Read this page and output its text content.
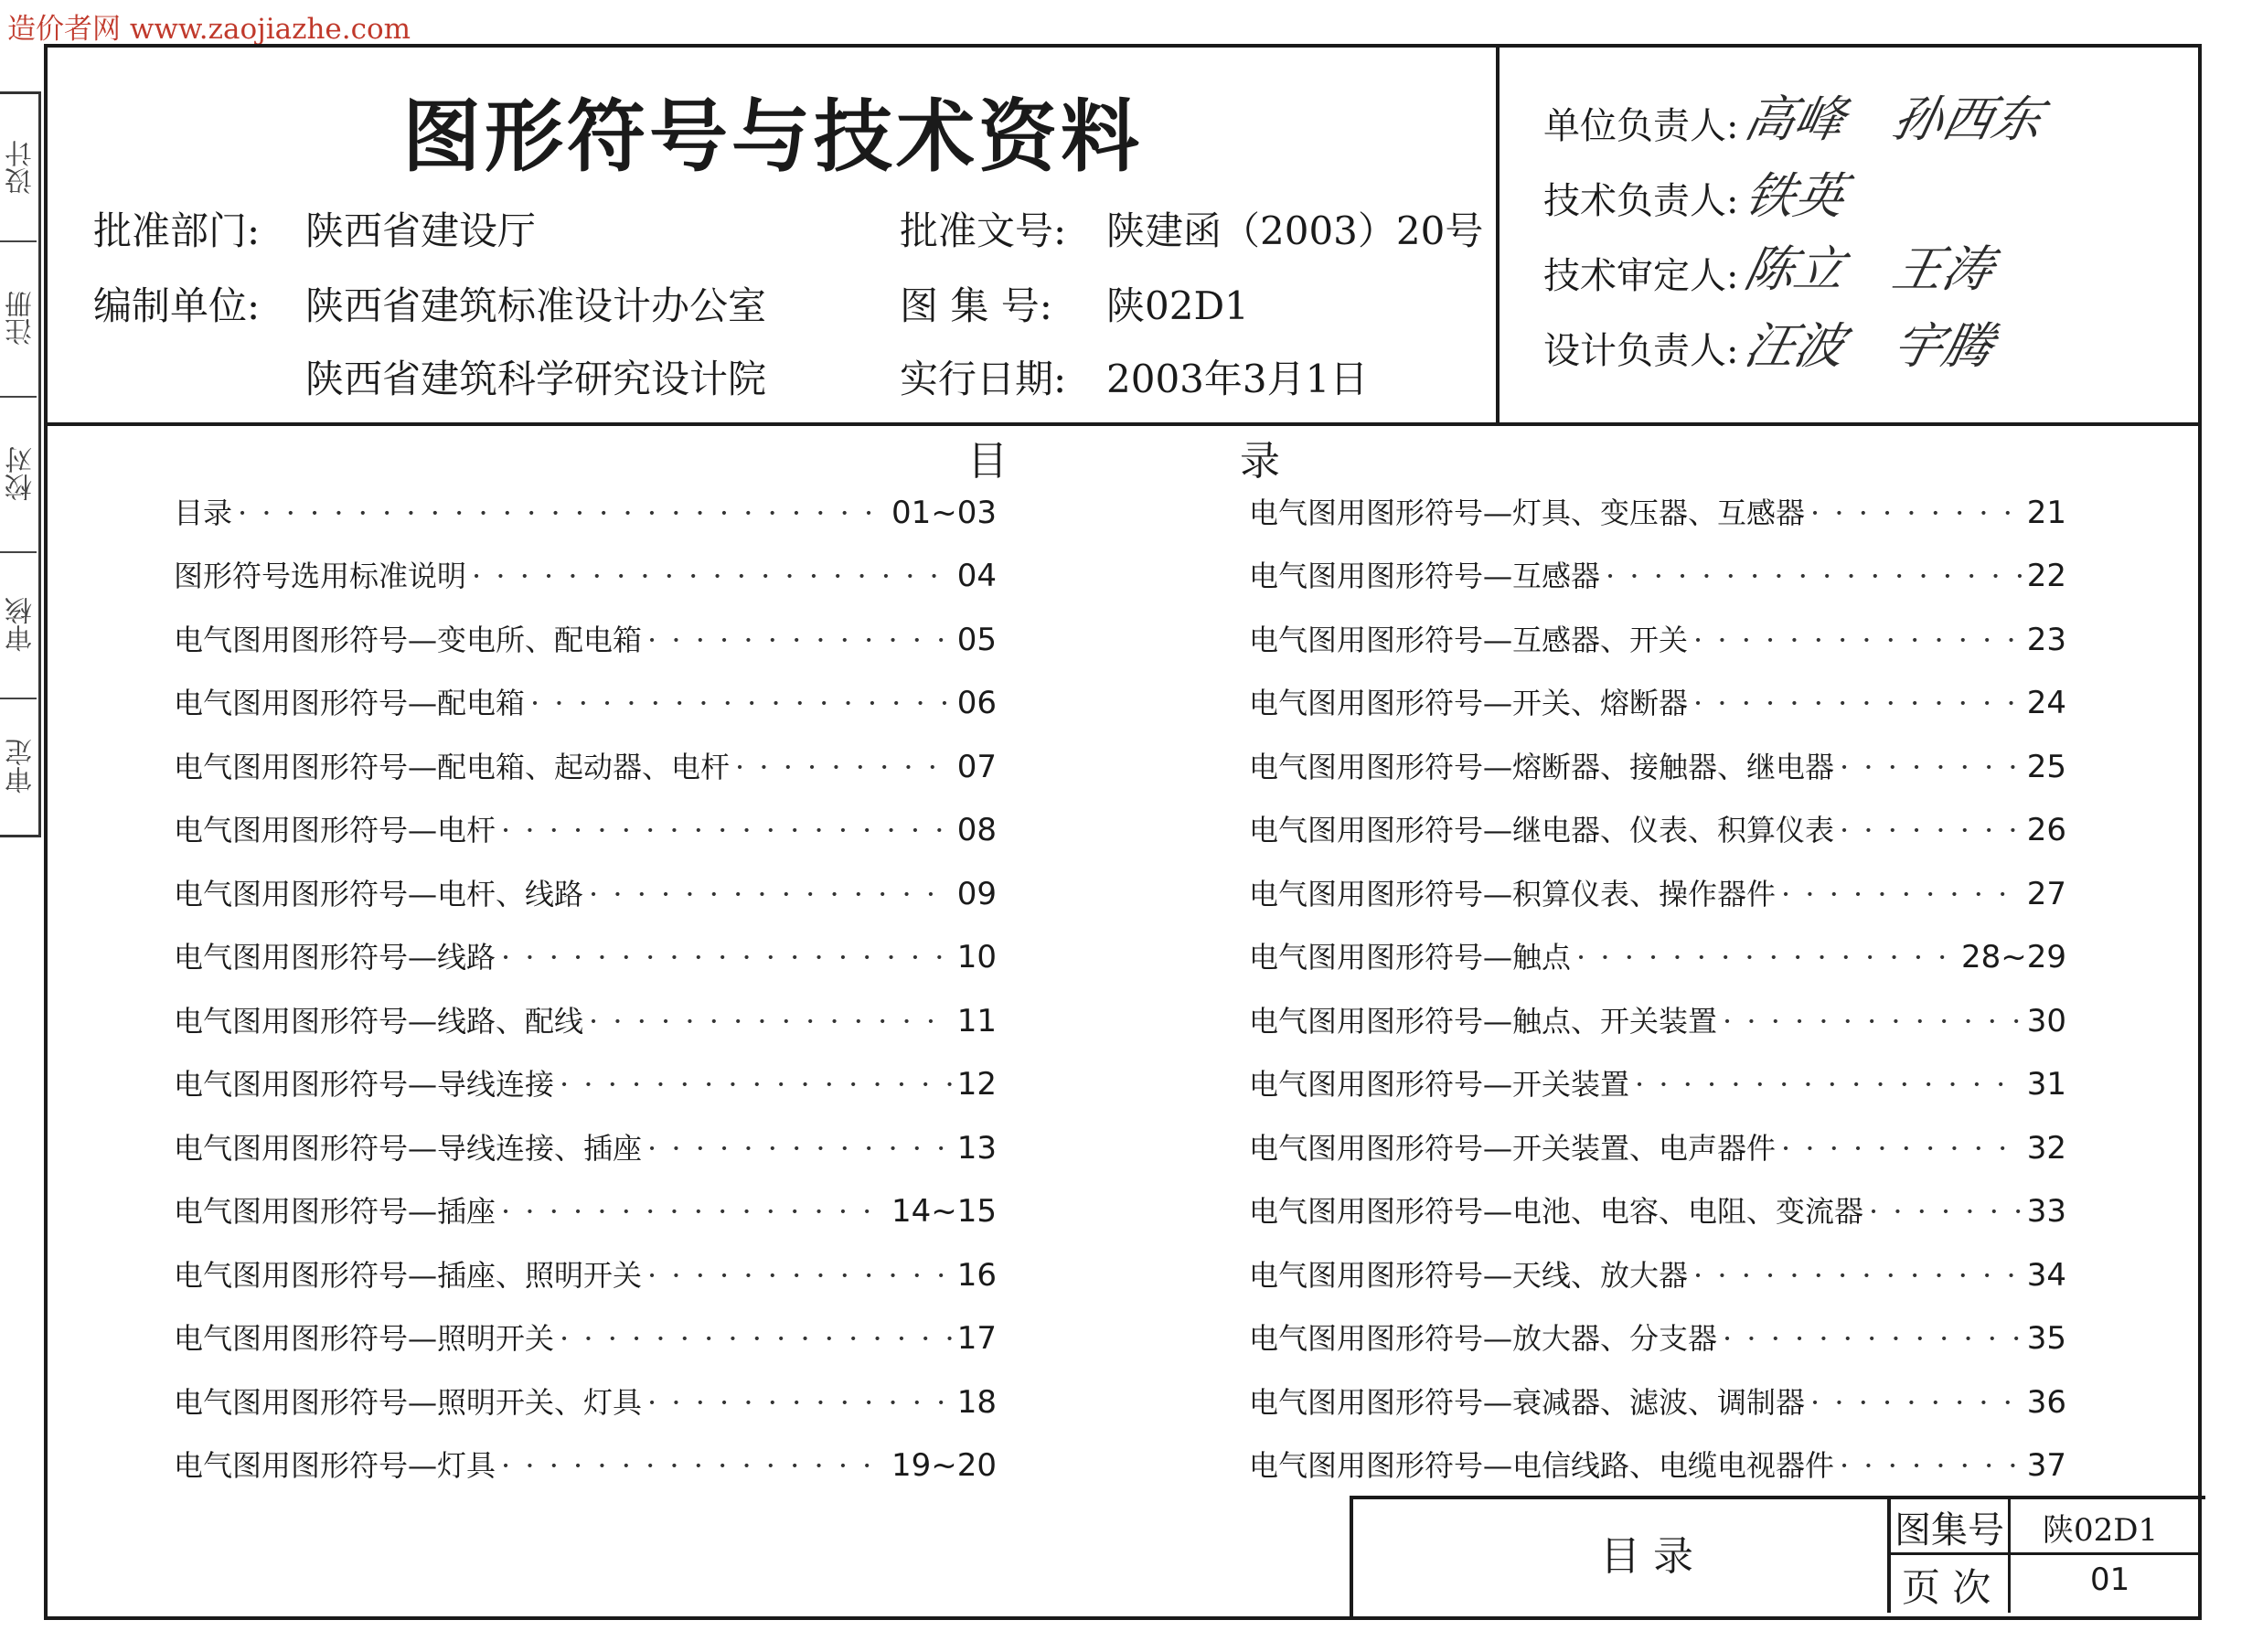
造价者网 www.zaojiazhe.com
设计
注册
校对
审核
审定
图形符号与技术资料
批准部门: 陕西省建设厅	批准文号: 陕建函（2003）20号
编制单位: 陕西省建筑标准设计办公室	图 集 号: 陕02D1
陕西省建筑科学研究设计院	实行日期: 2003年3月1日
单位负责人: 高峰　孙西东
技术负责人: 铁英
技术审定人: 陈立　王涛
设计负责人: 汪波　宇腾
目	录
目录 · · ·	01~03
图形符号选用标准说明 · · ·	04
电气图用图形符号—变电所、配电箱 · · ·	05
电气图用图形符号—配电箱 · · ·	06
电气图用图形符号—配电箱、起动器、电杆 · · ·	07
电气图用图形符号—电杆 · · ·	08
电气图用图形符号—电杆、线路 · · ·	09
电气图用图形符号—线路 · · ·	10
电气图用图形符号—线路、配线 · · ·	11
电气图用图形符号—导线连接 · · ·	12
电气图用图形符号—导线连接、插座 · · ·	13
电气图用图形符号—插座 · · ·	14~15
电气图用图形符号—插座、照明开关 · · ·	16
电气图用图形符号—照明开关 · · ·	17
电气图用图形符号—照明开关、灯具 · · ·	18
电气图用图形符号—灯具 · · ·	19~20
电气图用图形符号—灯具、变压器、互感器 · · ·	21
电气图用图形符号—互感器 · · ·	22
电气图用图形符号—互感器、开关 · · ·	23
电气图用图形符号—开关、熔断器 · · ·	24
电气图用图形符号—熔断器、接触器、继电器 · · ·	25
电气图用图形符号—继电器、仪表、积算仪表 · · ·	26
电气图用图形符号—积算仪表、操作器件 · · ·	27
电气图用图形符号—触点 · · ·	28~29
电气图用图形符号—触点、开关装置 · · ·	30
电气图用图形符号—开关装置 · · ·	31
电气图用图形符号—开关装置、电声器件 · · ·	32
电气图用图形符号—电池、电容、电阻、变流器 · · ·	33
电气图用图形符号—天线、放大器 · · ·	34
电气图用图形符号—放大器、分支器 · · ·	35
电气图用图形符号—衰减器、滤波、调制器 · · ·	36
电气图用图形符号—电信线路、电缆电视器件 · · ·	37
目 录
图集号 陕02D1
页 次	01
